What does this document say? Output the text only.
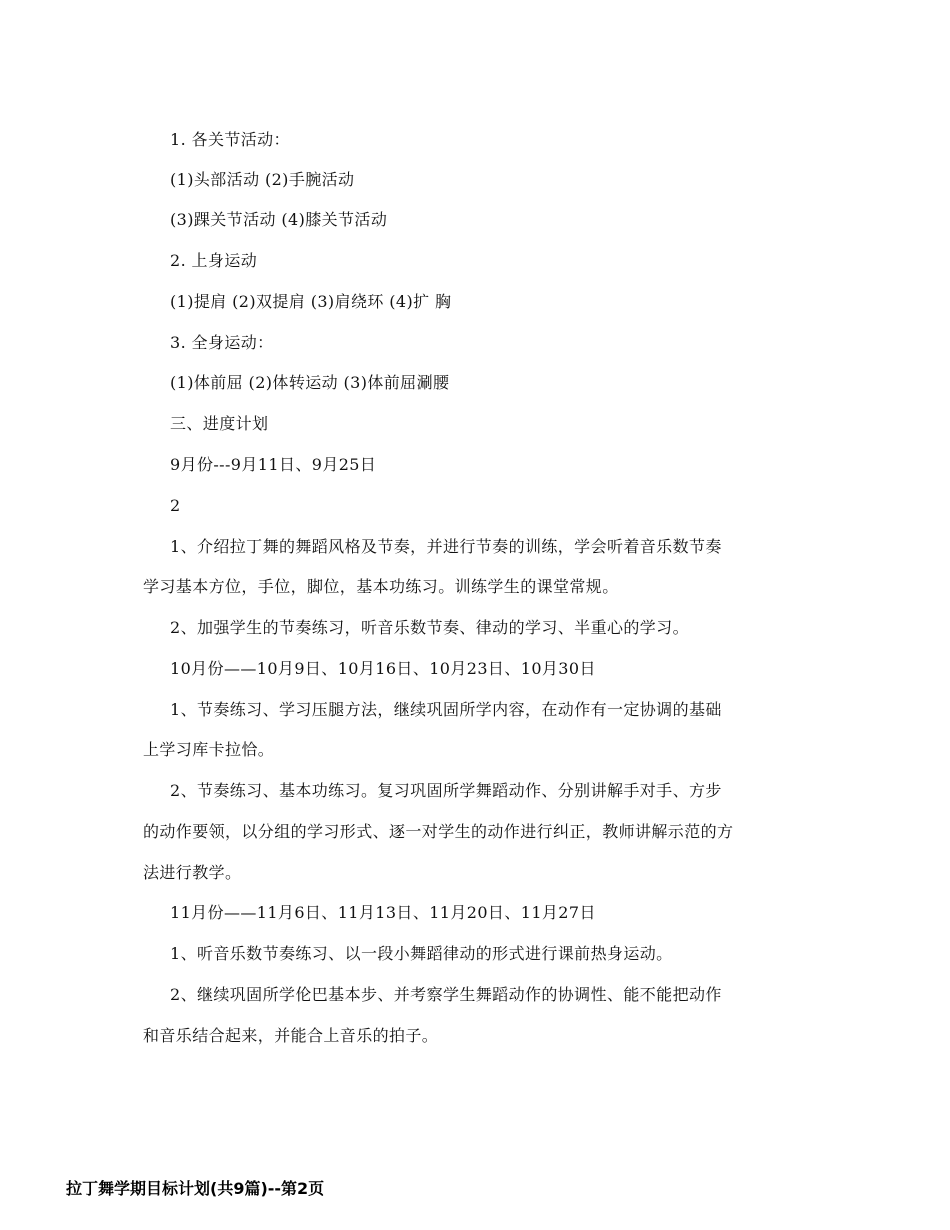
1. 各关节活动：
(1)头部活动 (2)手腕活动
(3)踝关节活动 (4)膝关节活动
2. 上身运动
(1)提肩 (2)双提肩 (3)肩绕环 (4)扩 胸
3. 全身运动：
(1)体前屈 (2)体转运动 (3)体前屈涮腰
三、进度计划
9月份---9月11日、9月25日
2
1、介绍拉丁舞的舞蹈风格及节奏，并进行节奏的训练，学会听着音乐数节奏
学习基本方位，手位，脚位，基本功练习。训练学生的课堂常规。
2、加强学生的节奏练习，听音乐数节奏、律动的学习、半重心的学习。
10月份——10月9日、10月16日、10月23日、10月30日
1、节奏练习、学习压腿方法，继续巩固所学内容，在动作有一定协调的基础
上学习库卡拉恰。
2、节奏练习、基本功练习。复习巩固所学舞蹈动作、分别讲解手对手、方步
的动作要领，以分组的学习形式、逐一对学生的动作进行纠正，教师讲解示范的方
法进行教学。
11月份——11月6日、11月13日、11月20日、11月27日
1、听音乐数节奏练习、以一段小舞蹈律动的形式进行课前热身运动。
2、继续巩固所学伦巴基本步、并考察学生舞蹈动作的协调性、能不能把动作
和音乐结合起来，并能合上音乐的拍子。
拉丁舞学期目标计划(共9篇)--第2页
